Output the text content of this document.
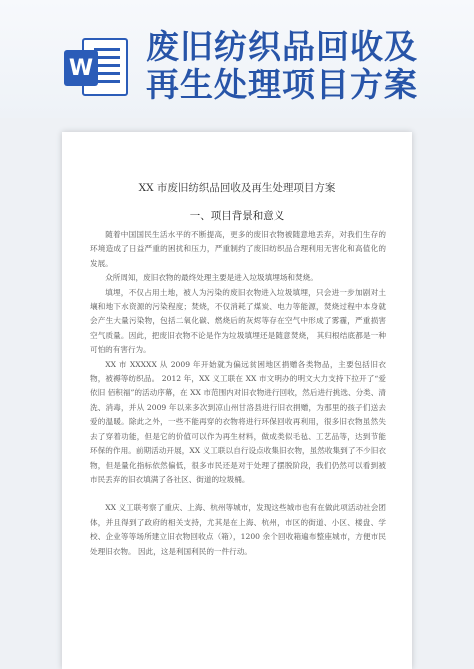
W
废旧纺织品回收及
再生处理项目方案
XX 市废旧纺织品回收及再生处理项目方案
一、项目背景和意义

随着中国国民生活水平的不断提高，更多的废旧衣物被随意地丢弃，对我们生存的环境造成了日益严重的困扰和压力，严重制约了废旧纺织品合理利用无害化和高值化的发展。

众所周知，废旧衣物的最终处理主要是进入垃圾填埋场和焚烧。

填埋，不仅占用土地，被人为污染的废旧衣物进入垃圾填埋，只会进一步加剧对土壤和地下水资源的污染程度；焚烧，不仅消耗了煤炭、电力等能源，焚烧过程中本身就会产生大量污染物，包括二氧化碳、燃烧后的灰烬等存在空气中形成了雾霾，严重损害空气质量。因此，把废旧衣物不论是作为垃圾填埋还是随意焚烧， 其归根结底都是一种可怕的有害行为。

XX 市 XXXXX 从 2009 年开始就为偏远贫困地区捐赠各类物品，主要包括旧衣物，被褥等纺织品。 2012 年，XX 义工联在 XX 市文明办的明文大力支持下拉开了“爱依旧 佰积福”的活动序幕，在 XX 市范围内对旧衣物进行回收，然后进行挑选、分类、清洗、消毒，并从 2009 年以来多次到凉山州甘洛县进行旧衣捐赠，为那里的孩子们送去爱的温暖。除此之外，一些不能再穿的衣物将进行环保回收再利用，很多旧衣物虽然失去了穿着功能，但是它的价值可以作为再生材料，做成类似毛毡、工艺品等，达到节能环保的作用。前期活动开展，XX 义工联以自行设点收集旧衣物，虽然收集到了不少旧衣物，但是量化指标依然偏低，很多市民还是对于处理了摆脱阶段，我们仍然可以看到被市民丢弃的旧衣填满了各社区、街道的垃圾桶。

XX 义工联考察了重庆、上海、杭州等城市，发现这些城市也有在做此项活动社会团体，并且得到了政府的相关支持，尤其是在上海、杭州，市区的街道、小区、楼盘、学校、企业等等场所建立旧衣物回收点（箱），1200 余个回收箱遍布整座城市，方便市民处理旧衣物。 因此，这是利国利民的一件行动。
